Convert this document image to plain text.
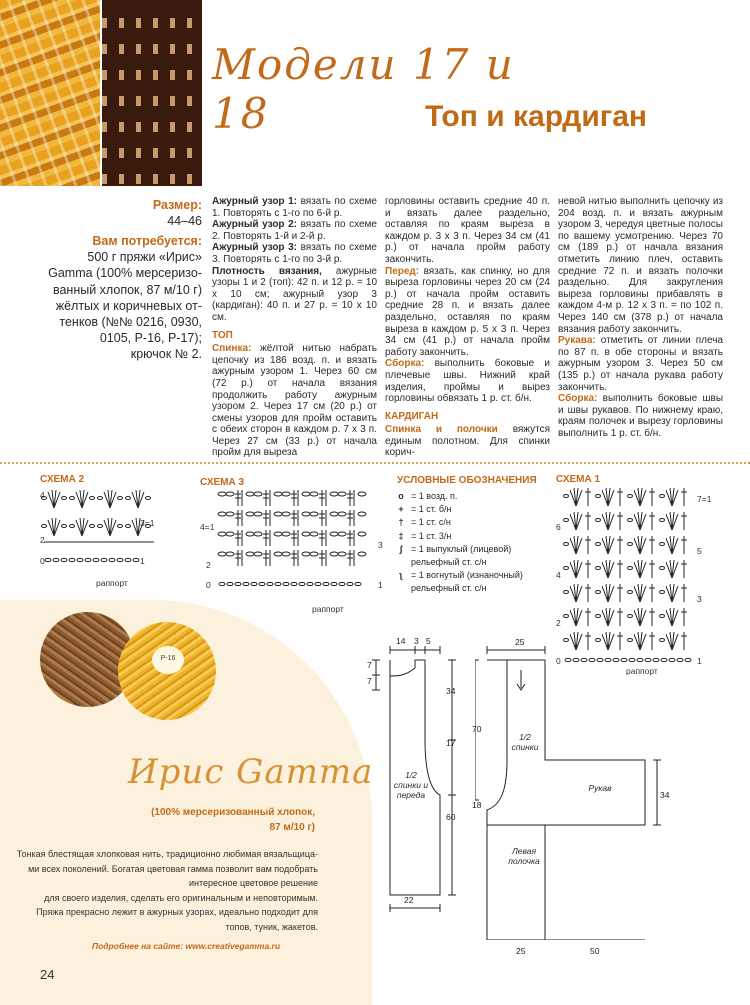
Модели 17 и 18	Топ и кардиган
Размер:
44–46
Вам потребуется:
500 г пряжи «Ирис»
Gamma (100% мерсеризо-
ванный хлопок, 87 м/10 г)
жёлтых и коричневых от-
тенков (№№ 0216, 0930,
0105, Р-16, Р-17);
крючок № 2.

Ажурный узор 1: вязать по схеме 1. Повторять с 1-го по 6-й р.

Ажурный узор 2: вязать по схеме 2. Повторять 1-й и 2-й р.

Ажурный узор 3: вязать по схеме 3. Повторять с 1-го по 3-й р.

Плотность вязания, ажурные узоры 1 и 2 (топ): 42 п. и 12 р. = 10 х 10 см; ажурный узор 3 (кардиган): 40 п. и 27 р. = 10 х 10 см.

ТОП

Спинка: жёлтой нитью набрать цепочку из 186 возд. п. и вязать ажурным узором 1. Через 60 см (72 р.) от начала вязания продолжить работу ажурным узором 2. Через 17 см (20 р.) от смены узоров для пройм оставить с обеих сторон в каждом р. 7 х 3 п. Через 27 см (33 р.) от начала пройм для выреза

горловины оставить средние 40 п. и вязать далее раздельно, оставляя по краям выреза в каждом р. 3 х 3 п. Через 34 см (41 р.) от начала пройм работу закончить.

Перед: вязать, как спинку, но для выреза горловины через 20 см (24 р.) от начала пройм оставить средние 28 п. и вязать далее раздельно, оставляя по краям выреза в каждом р. 5 х 3 п. Через 34 см (41 р.) от начала пройм работу закончить.

Сборка: выполнить боковые и плечевые швы. Нижний край изделия, проймы и вырез горловины обвязать 1 р. ст. б/н.

КАРДИГАН

Спинка и полочки вяжутся единым полотном. Для спинки корич-

невой нитью выполнить цепочку из 204 возд. п. и вязать ажурным узором 3, чередуя цветные полосы по вашему усмотрению. Через 70 см (189 р.) от начала вязания отметить линию плеч, оставить средние 72 п. и вязать полочки раздельно. Для закругления выреза горловины прибавлять в каждом 4-м р. 12 х 3 п. = по 102 п. Через 140 см (378 р.) от начала вязания работу закончить.

Рукава: отметить от линии плеча по 87 п. в обе стороны и вязать ажурным узором 3. Через 50 см (135 р.) от начала рукава работу закончить.

Сборка: выполнить боковые швы и швы рукавов. По нижнему краю, краям полочек и вырезу горловины выполнить 1 р. ст. б/н.

СХЕМА 2
4
3=1
2
0	1
раппорт
СХЕМА 3
4=1
3
2
0	1
раппорт
УСЛОВНЫЕ ОБОЗНАЧЕНИЯ
o = 1 возд. п.
+ = 1 ст. б/н
† = 1 ст. с/н
‡ = 1 ст. 3/н
ʃ = 1 выпуклый (лицевой) рельефный ст. с/н
ʅ = 1 вогнутый (изнаночный) рельефный ст. с/н
СХЕМА 1
7=1
6
5
4
3
2
0	1
раппорт
P-16
Ирис Gamma
(100% мерсеризованный хлопок,
87 м/10 г)
Тонкая блестящая хлопковая нить, традиционно любимая вязальщица-
ми всех поколений. Богатая цветовая гамма позволит вам подобрать
интересное цветовое решение
для своего изделия, сделать его оригинальным и неповторимым.
Пряжа прекрасно лежит в ажурных узорах, идеально подходит для
топов, туник, жакетов.
Подробнее на сайте: www.creativegamma.ru
24
14 3 5
7
7
34
17
60
22
1/2 спинки и переда
25
70
18
34
25	50
1/2 спинки
Левая полочка
Рукав
